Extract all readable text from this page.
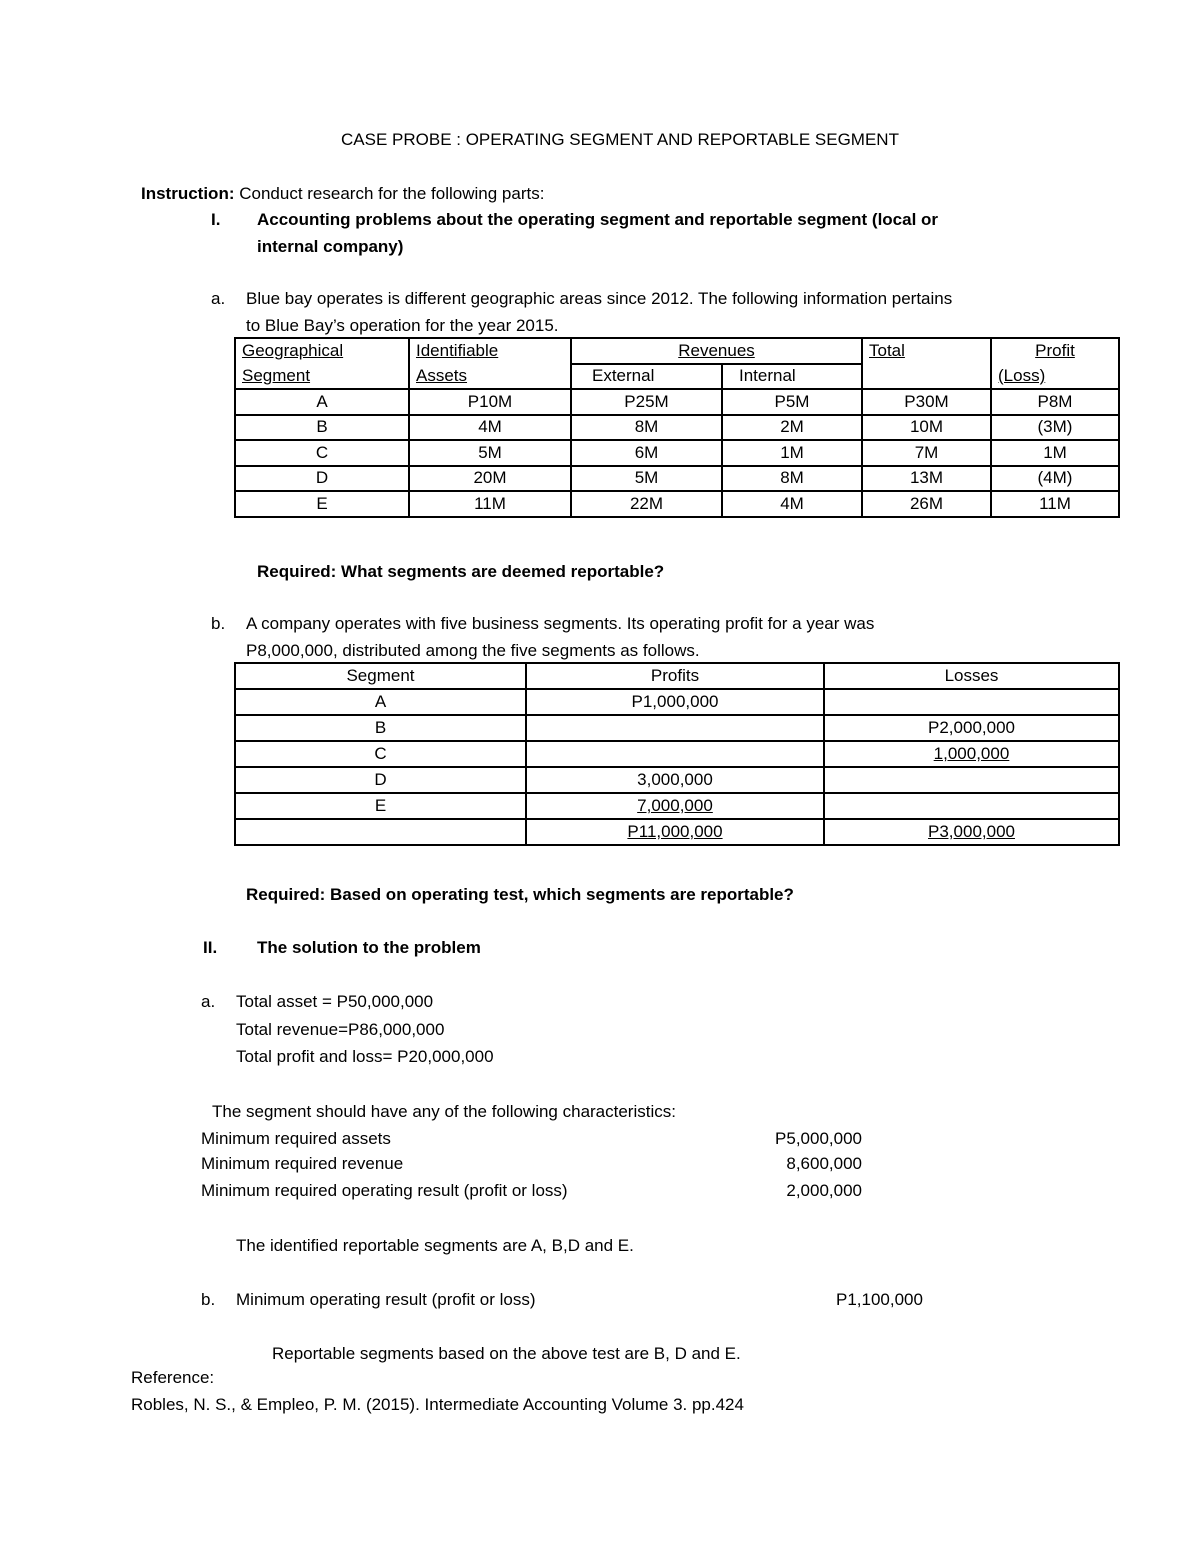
CASE PROBE : OPERATING SEGMENT AND REPORTABLE SEGMENT
Instruction: Conduct research for the following parts:
I. Accounting problems about the operating segment and reportable segment (local or
internal company)
a. Blue bay operates is different geographic areas since 2012. The following information pertains
to Blue Bay’s operation for the year 2015.
Geographical	Identifiable	Revenues		Total	Profit
Segment	Assets	External	Internal		(Loss)
A	P10M	P25M	P5M	P30M	P8M
B	4M	8M	2M	10M	(3M)
C	5M	6M	1M	7M	1M
D	20M	5M	8M	13M	(4M)
E	11M	22M	4M	26M	11M
Required: What segments are deemed reportable?
b. A company operates with five business segments. Its operating profit for a year was
P8,000,000, distributed among the five segments as follows.
Segment	Profits	Losses
A	P1,000,000	
B		P2,000,000
C		1,000,000
D	3,000,000	
E	7,000,000	
	P11,000,000	P3,000,000
Required: Based on operating test, which segments are reportable?
II. The solution to the problem
a. Total asset = P50,000,000
Total revenue=P86,000,000
Total profit and loss= P20,000,000
The segment should have any of the following characteristics:
Minimum required assets	P5,000,000
Minimum required revenue	8,600,000
Minimum required operating result (profit or loss)	2,000,000
The identified reportable segments are A, B,D and E.
b. Minimum operating result (profit or loss)	P1,100,000
Reportable segments based on the above test are B, D and E.
Reference:
Robles, N. S., & Empleo, P. M. (2015). Intermediate Accounting Volume 3. pp.424
